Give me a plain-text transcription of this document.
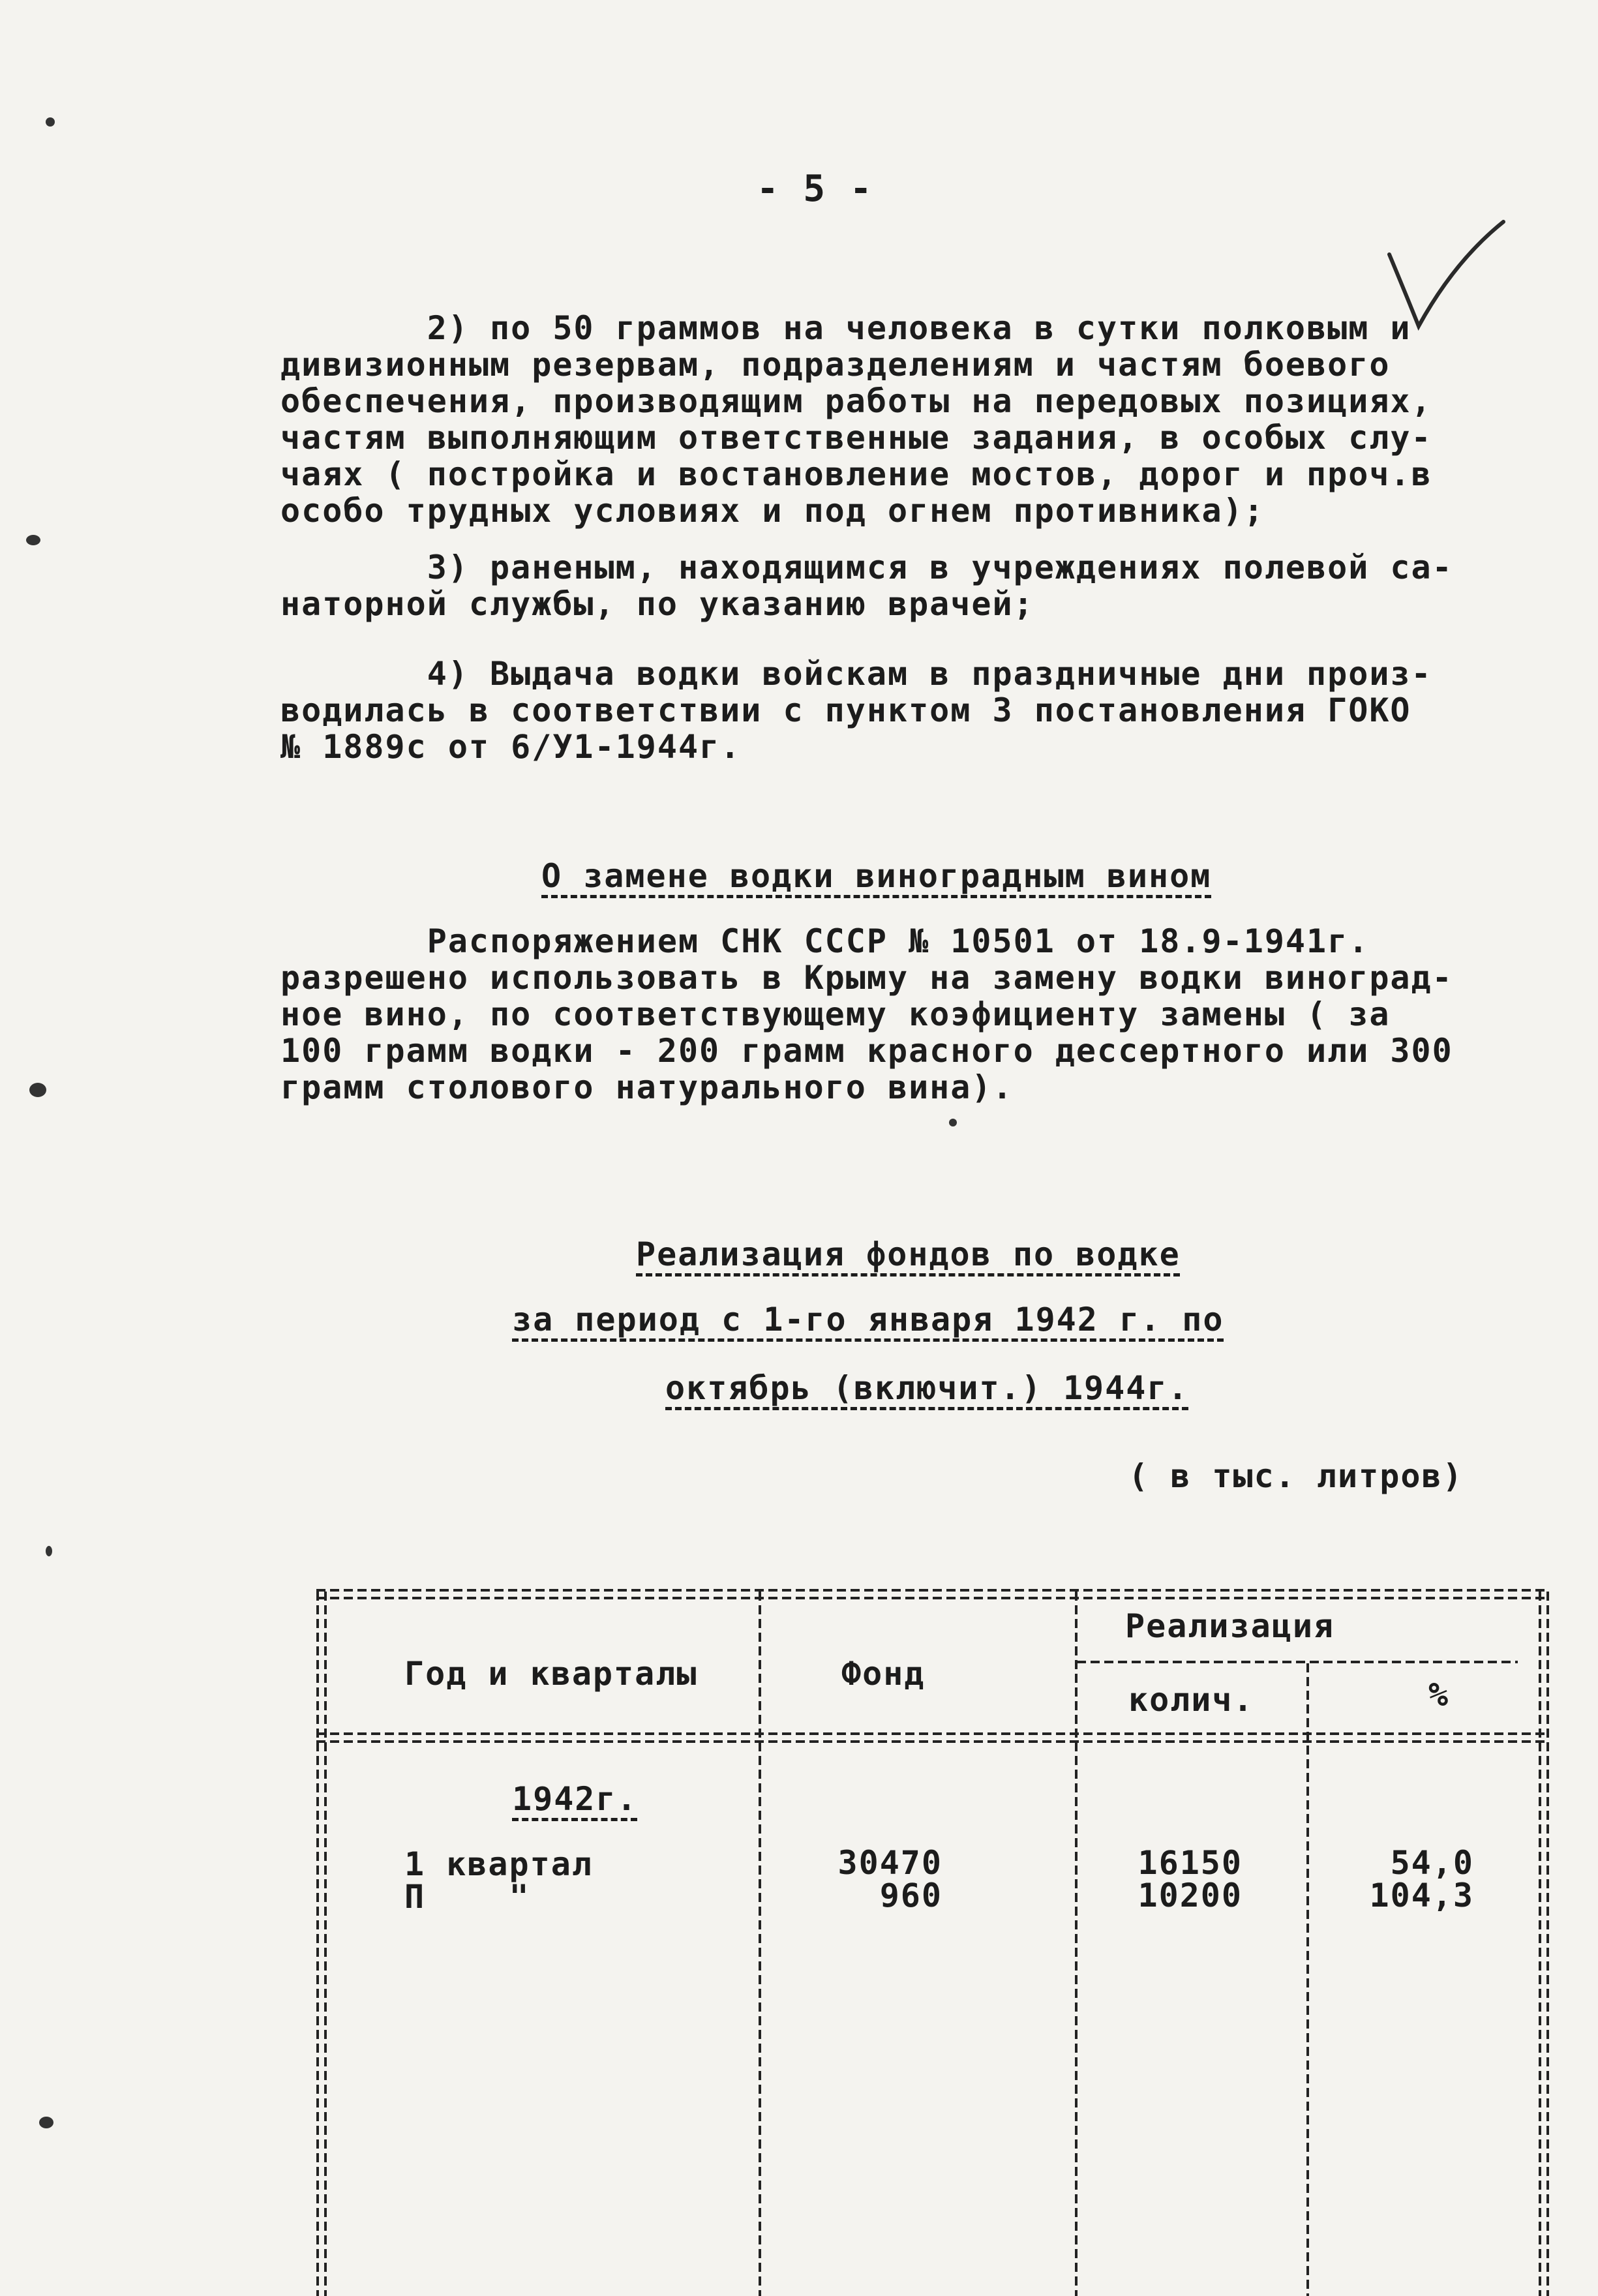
- 5 -
2) по 50 граммов на человека в сутки полковым и
дивизионным резервам, подразделениям и частям боевого
обеспечения, производящим работы на передовых позициях,
частям выполняющим ответственные задания, в особых слу-
чаях ( постройка и востановление мостов, дорог и проч.в
особо трудных условиях и под огнем противника);
3) раненым, находящимся в учреждениях полевой са-
наторной службы, по указанию врачей;
4) Выдача водки войскам в праздничные дни произ-
водилась в соответствии с пунктом 3 постановления ГОКО
№ 1889с от 6/У1-1944г.
О замене водки виноградным вином
Распоряжением СНК СССР № 10501 от 18.9-1941г.
разрешено использовать в Крыму на замену водки виноград-
ное вино, по соответствующему коэфициенту замены ( за
100 грамм водки - 200 грамм красного дессертного или 300
грамм столового натурального вина).
Реализация фондов по водке
за период с 1-го января 1942 г. по
октябрь (включит.) 1944г.
( в тыс. литров)
Год и кварталы	Фонд
Реализация
колич.	%
1942г.
1 квартал	30470	16150	54,0
П    "	960	10200	104,3
